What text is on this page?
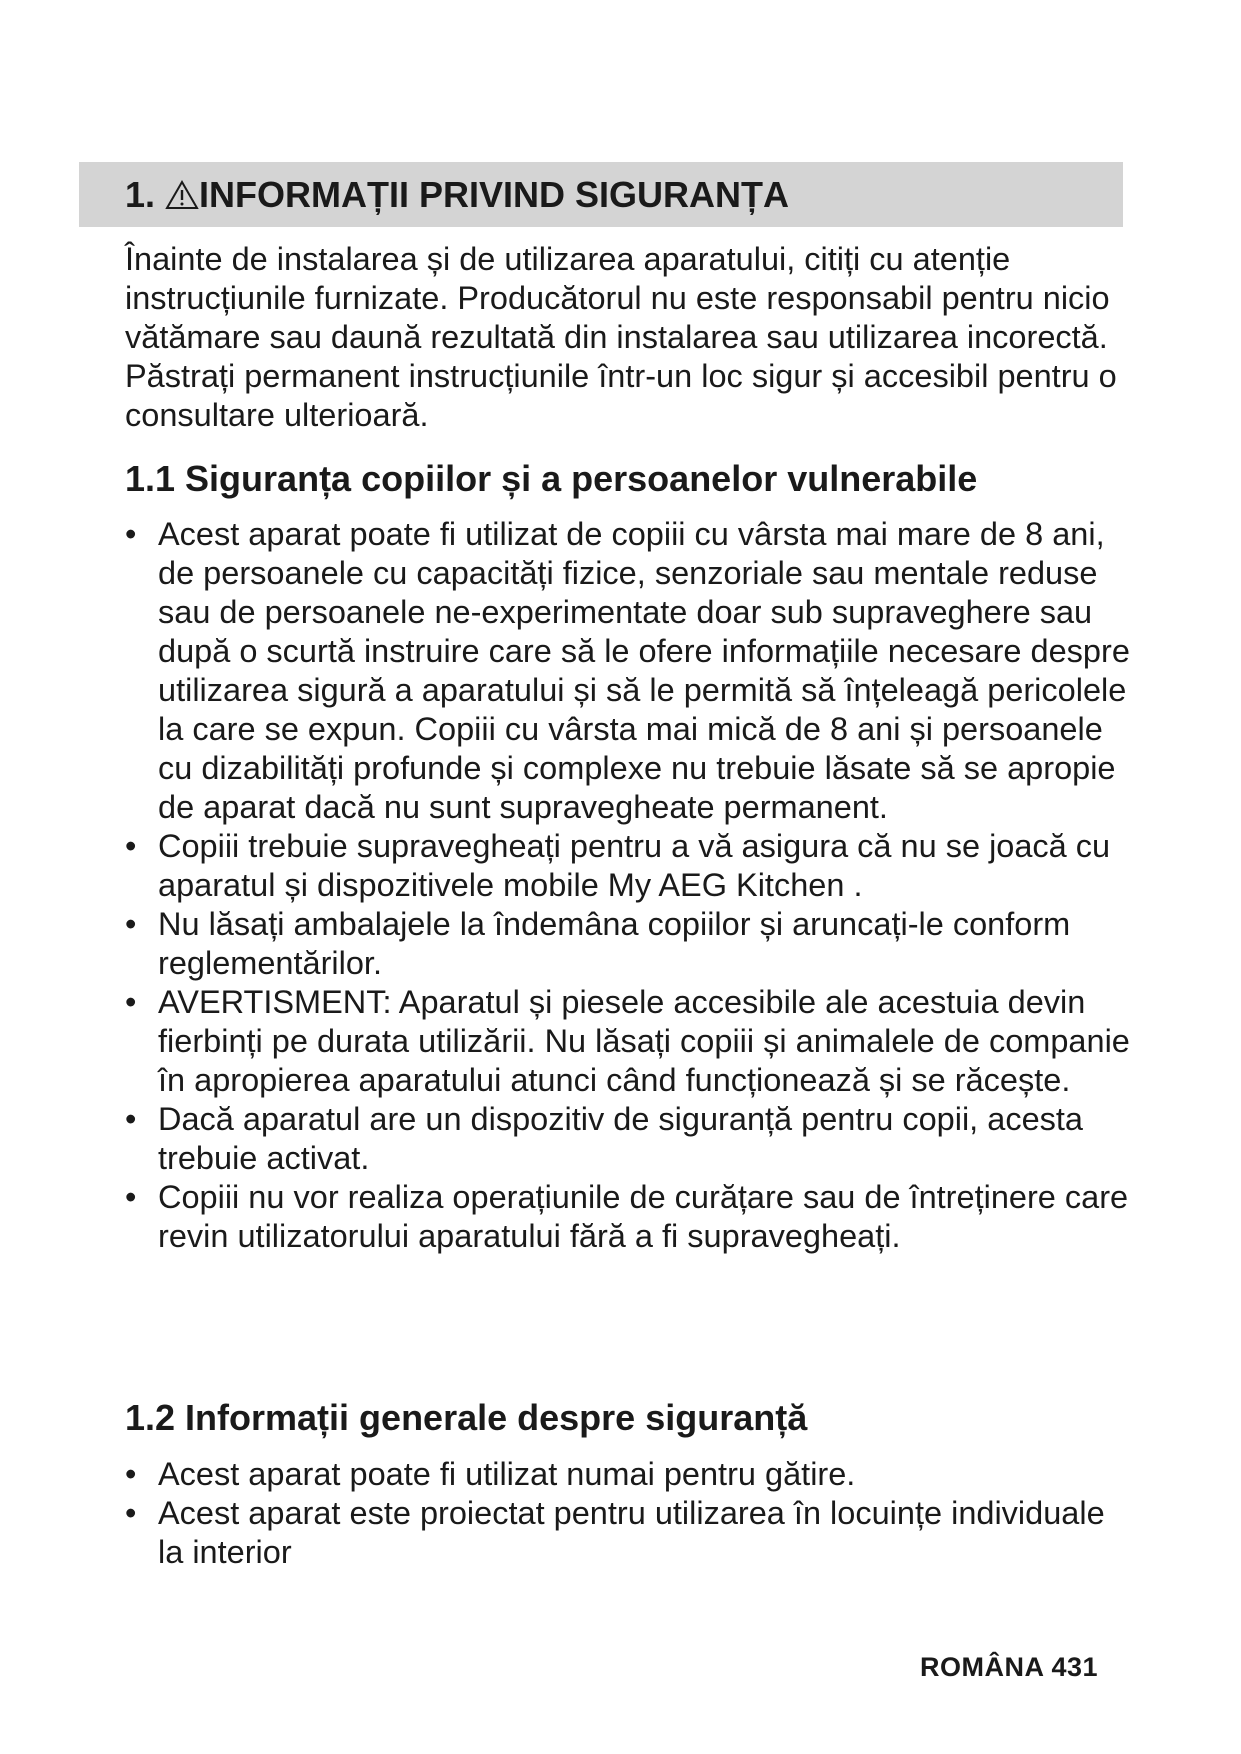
1. INFORMAȚII PRIVIND SIGURANȚA

Înainte de instalarea și de utilizarea aparatului, citiți cu atenție instrucțiunile furnizate. Producătorul nu este responsabil pentru nicio vătămare sau daună rezultată din instalarea sau utilizarea incorectă. Păstrați permanent instrucțiunile într-un loc sigur și accesibil pentru o consultare ulterioară.

1.1 Siguranța copiilor și a persoanelor vulnerabile
• Acest aparat poate fi utilizat de copiii cu vârsta mai mare de 8 ani, de persoanele cu capacități fizice, senzoriale sau mentale reduse sau de persoanele ne-experimentate doar sub supraveghere sau după o scurtă instruire care să le ofere informațiile necesare despre utilizarea sigură a aparatului și să le permită să înțeleagă pericolele la care se expun. Copiii cu vârsta mai mică de 8 ani și persoanele cu dizabilități profunde și complexe nu trebuie lăsate să se apropie de aparat dacă nu sunt supravegheate permanent.
• Copiii trebuie supravegheați pentru a vă asigura că nu se joacă cu aparatul și dispozitivele mobile My AEG Kitchen .
• Nu lăsați ambalajele la îndemâna copiilor și aruncați-le conform reglementărilor.
• AVERTISMENT: Aparatul și piesele accesibile ale acestuia devin fierbinți pe durata utilizării. Nu lăsați copiii și animalele de companie în apropierea aparatului atunci când funcționează și se răcește.
• Dacă aparatul are un dispozitiv de siguranță pentru copii, acesta trebuie activat.
• Copiii nu vor realiza operațiunile de curățare sau de întreținere care revin utilizatorului aparatului fără a fi supravegheați.
1.2 Informații generale despre siguranță
• Acest aparat poate fi utilizat numai pentru gătire.
• Acest aparat este proiectat pentru utilizarea în locuințe individuale la interior
ROMÂNA 431
